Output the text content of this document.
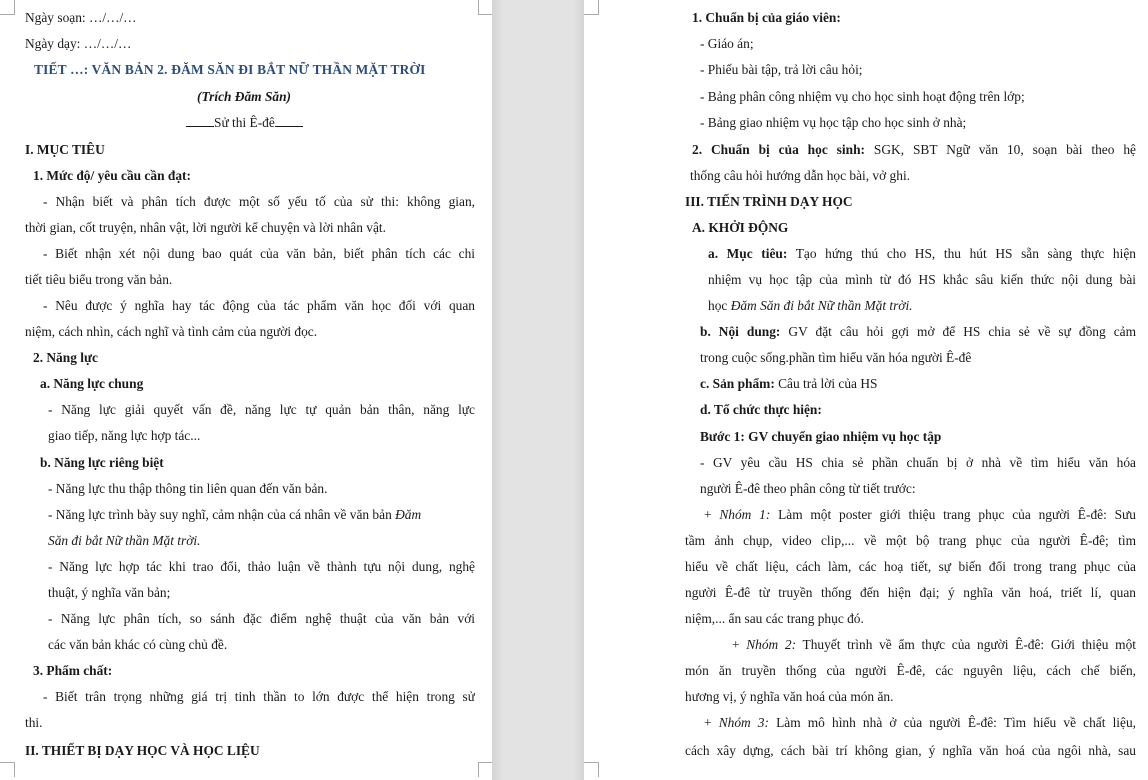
Ngày soạn: …/…/…
Ngày dạy: …/…/…
TIẾT …: VĂN BẢN 2. ĐĂM SĂN ĐI BẮT NỮ THẦN MẶT TRỜI
(Trích Đăm Săn)
Sử thi Ê-đê
I. MỤC TIÊU
1. Mức độ/ yêu cầu cần đạt:
- Nhận biết và phân tích được một số yếu tố của sử thi: không gian,
thời gian, cốt truyện, nhân vật, lời người kể chuyện và lời nhân vật.
- Biết nhận xét nội dung bao quát của văn bản, biết phân tích các chi
tiết tiêu biểu trong văn bản.
- Nêu được ý nghĩa hay tác động của tác phẩm văn học đối với quan
niệm, cách nhìn, cách nghĩ và tình cảm của người đọc.
2. Năng lực
a. Năng lực chung
- Năng lực giải quyết vấn đề, năng lực tự quản bản thân, năng lực
giao tiếp, năng lực hợp tác...
b. Năng lực riêng biệt
- Năng lực thu thập thông tin liên quan đến văn bản.
- Năng lực trình bày suy nghĩ, cảm nhận của cá nhân về văn bản Đăm
Săn đi bắt Nữ thần Mặt trời.
- Năng lực hợp tác khi trao đổi, thảo luận về thành tựu nội dung, nghệ
thuật, ý nghĩa văn bản;
- Năng lực phân tích, so sánh đặc điểm nghệ thuật của văn bản với
các văn bản khác có cùng chủ đề.
3. Phẩm chất:
- Biết trân trọng những giá trị tinh thần to lớn được thể hiện trong sử
thi.
II. THIẾT BỊ DẠY HỌC VÀ HỌC LIỆU
1. Chuẩn bị của giáo viên:
- Giáo án;
- Phiếu bài tập, trả lời câu hỏi;
- Bảng phân công nhiệm vụ cho học sinh hoạt động trên lớp;
- Bảng giao nhiệm vụ học tập cho học sinh ở nhà;
2. Chuẩn bị của học sinh: SGK, SBT Ngữ văn 10, soạn bài theo hệ
thống câu hỏi hướng dẫn học bài, vở ghi.
III. TIẾN TRÌNH DẠY HỌC
A. KHỞI ĐỘNG
a. Mục tiêu: Tạo hứng thú cho HS, thu hút HS sẵn sàng thực hiện
nhiệm vụ học tập của mình từ đó HS khắc sâu kiến thức nội dung bài
học Đăm Săn đi bắt Nữ thần Mặt trời.
b. Nội dung: GV đặt câu hỏi gợi mở để HS chia sẻ về sự đồng cảm
trong cuộc sống.phần tìm hiểu văn hóa người Ê-đê
c. Sản phẩm: Câu trả lời của HS
d. Tổ chức thực hiện:
Bước 1: GV chuyển giao nhiệm vụ học tập
- GV yêu cầu HS chia sẻ phần chuẩn bị ở nhà về tìm hiểu văn hóa
người Ê-đê theo phân công từ tiết trước:
+ Nhóm 1: Làm một poster giới thiệu trang phục của người Ê-đê: Sưu
tầm ảnh chụp, video clip,... về một bộ trang phục của người Ê-đê; tìm
hiểu về chất liệu, cách làm, các hoạ tiết, sự biến đổi trong trang phục của
người Ê-đê từ truyền thống đến hiện đại; ý nghĩa văn hoá, triết lí, quan
niệm,... ẩn sau các trang phục đó.
+ Nhóm 2: Thuyết trình về ẩm thực của người Ê-đê: Giới thiệu một
món ăn truyền thống của người Ê-đê, các nguyên liệu, cách chế biến,
hương vị, ý nghĩa văn hoá của món ăn.
+ Nhóm 3: Làm mô hình nhà ở của người Ê-đê: Tìm hiểu về chất liệu,
cách xây dựng, cách bài trí không gian, ý nghĩa văn hoá của ngôi nhà, sau
